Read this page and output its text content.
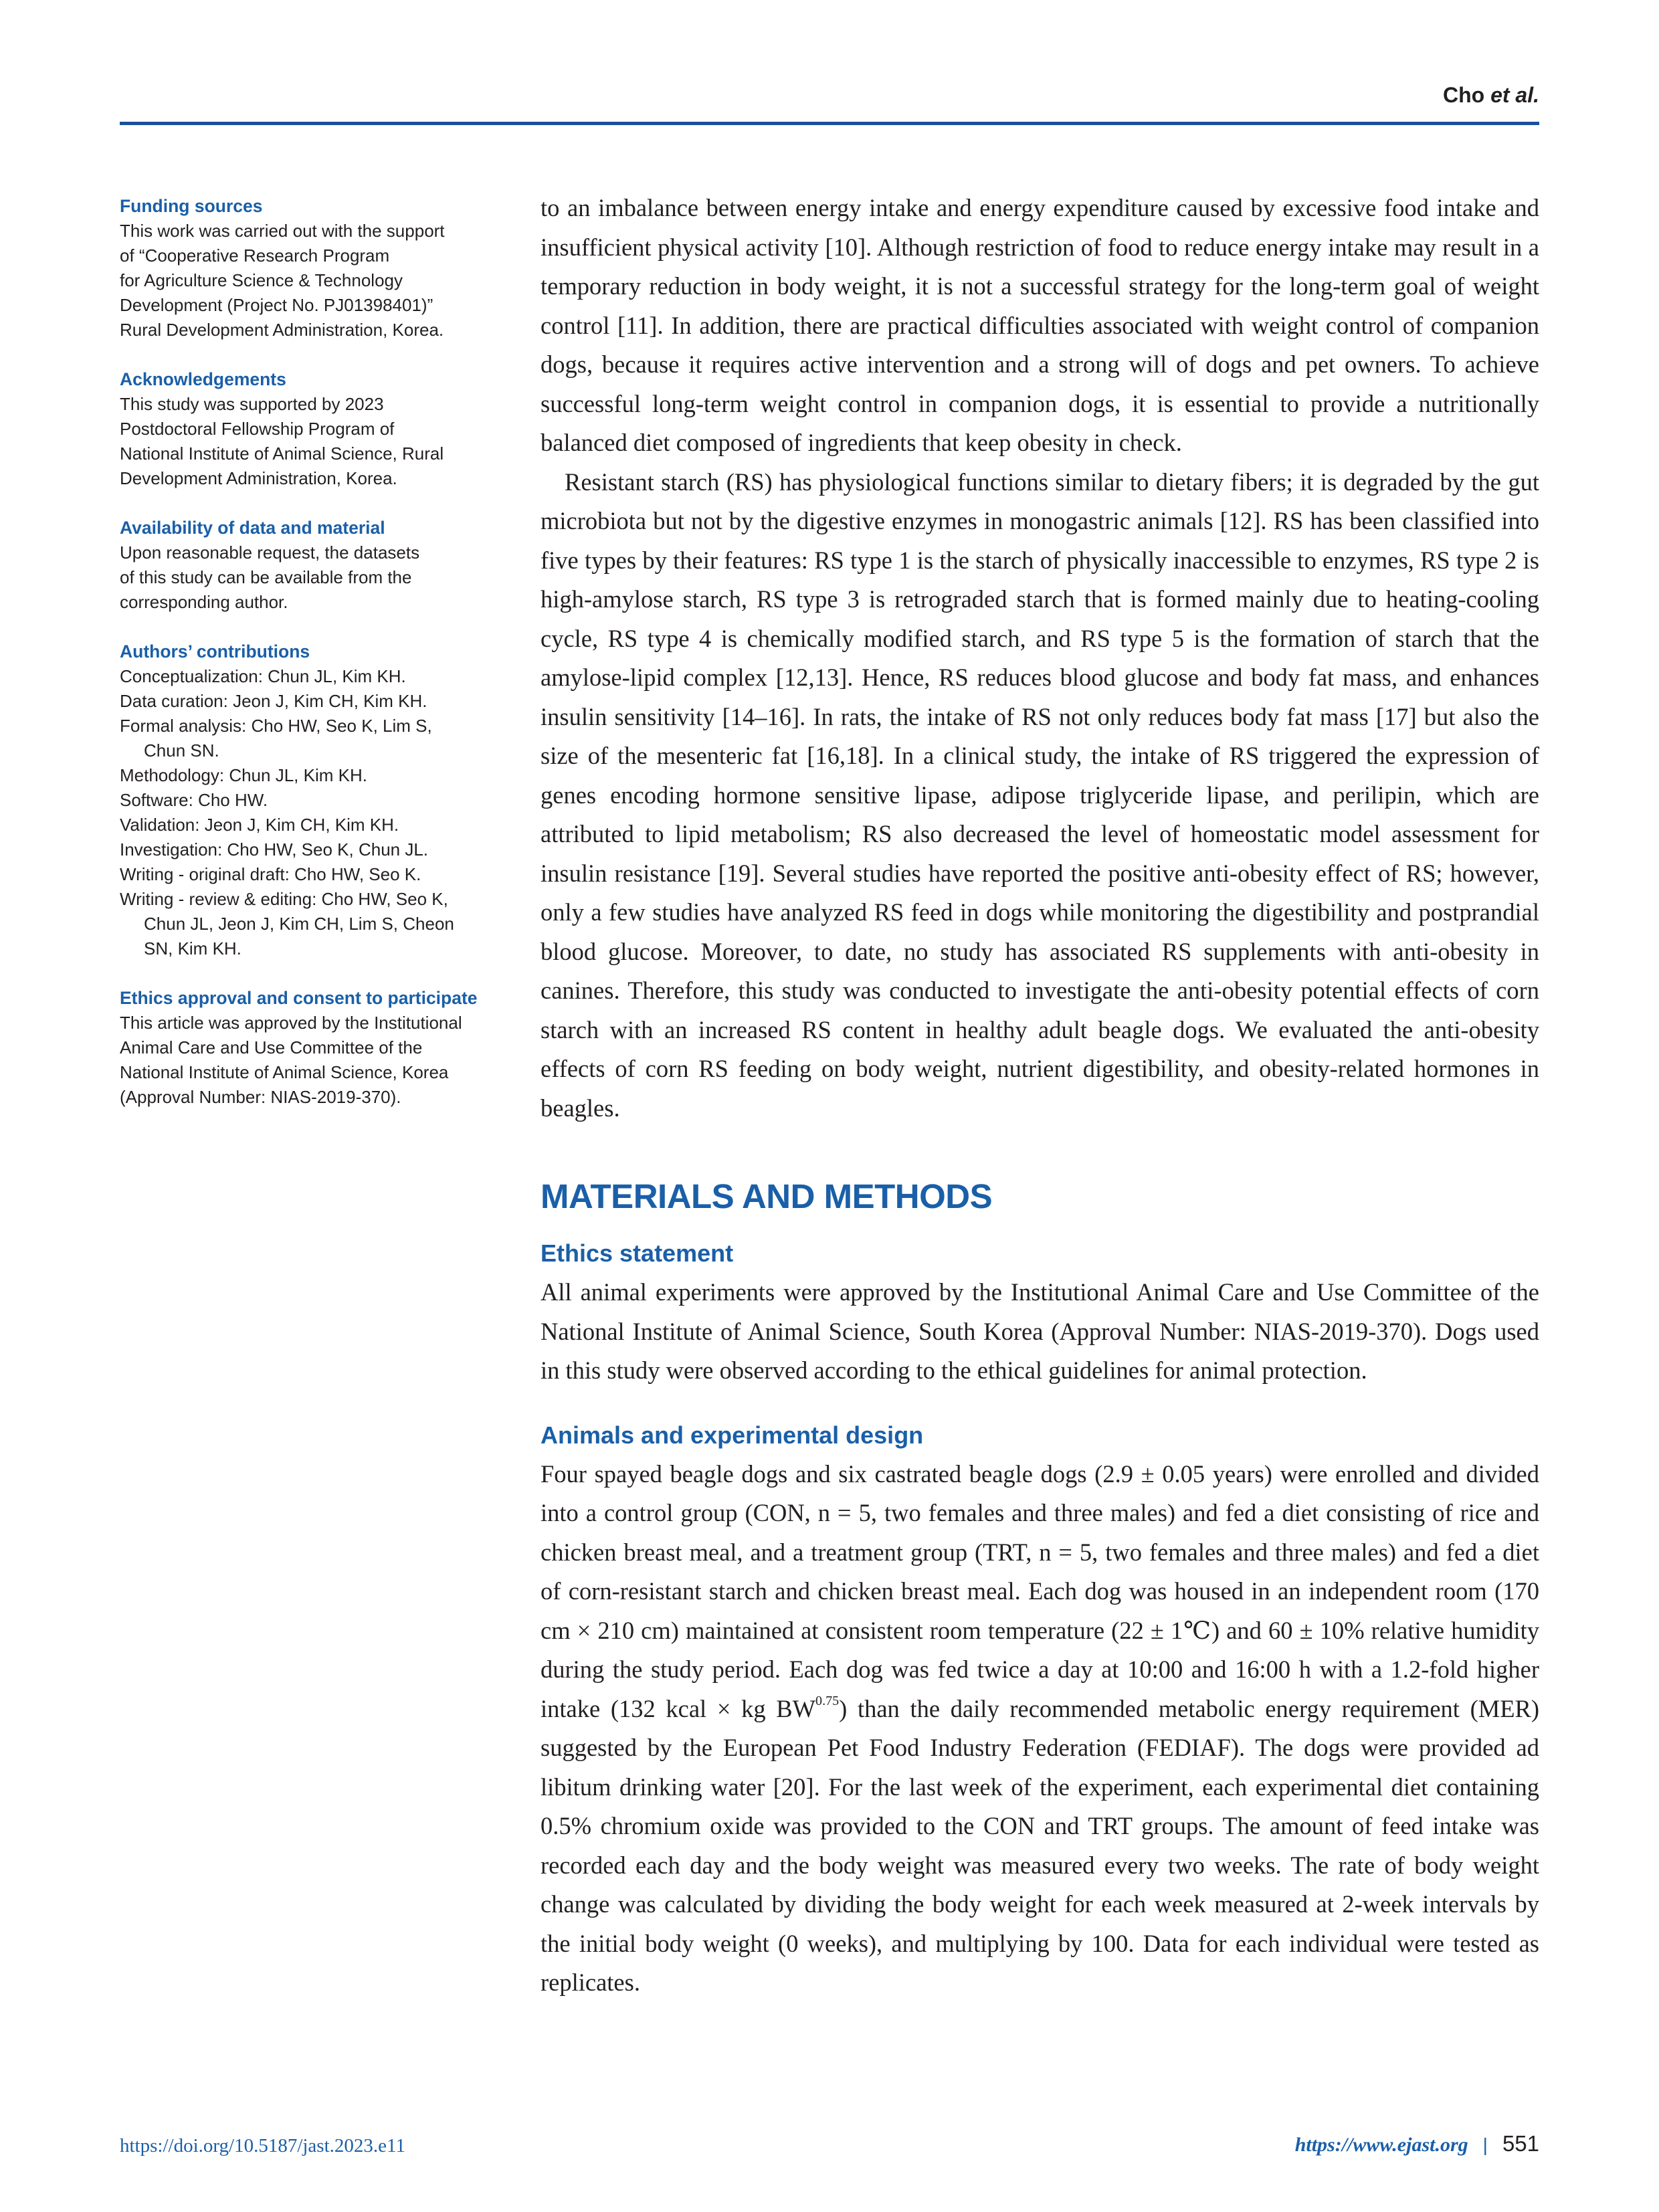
Cho et al.
Funding sources
This work was carried out with the support
of “Cooperative Research Program
for Agriculture Science & Technology
Development (Project No. PJ01398401)”
Rural Development Administration, Korea.
Acknowledgements
This study was supported by 2023
Postdoctoral Fellowship Program of
National Institute of Animal Science, Rural
Development Administration, Korea.
Availability of data and material
Upon reasonable request, the datasets
of this study can be available from the
corresponding author.
Authors’ contributions
Conceptualization: Chun JL, Kim KH.
Data curation: Jeon J, Kim CH, Kim KH.
Formal analysis: Cho HW, Seo K, Lim S,
Chun SN.
Methodology: Chun JL, Kim KH.
Software: Cho HW.
Validation: Jeon J, Kim CH, Kim KH.
Investigation: Cho HW, Seo K, Chun JL.
Writing - original draft: Cho HW, Seo K.
Writing - review & editing: Cho HW, Seo K,
Chun JL, Jeon J, Kim CH, Lim S, Cheon
SN, Kim KH.
Ethics approval and consent to participate
This article was approved by the Institutional
Animal Care and Use Committee of the
National Institute of Animal Science, Korea
(Approval Number: NIAS-2019-370).

to an imbalance between energy intake and energy expenditure caused by excessive food intake and insufficient physical activity [10]. Although restriction of food to reduce energy intake may result in a temporary reduction in body weight, it is not a successful strategy for the long-term goal of weight control [11]. In addition, there are practical difficulties associated with weight control of companion dogs, because it requires active intervention and a strong will of dogs and pet owners. To achieve successful long-term weight control in companion dogs, it is essential to provide a nutritionally balanced diet composed of ingredients that keep obesity in check.

Resistant starch (RS) has physiological functions similar to dietary fibers; it is degraded by the gut microbiota but not by the digestive enzymes in monogastric animals [12]. RS has been classified into five types by their features: RS type 1 is the starch of physically inaccessible to enzymes, RS type 2 is high-amylose starch, RS type 3 is retrograded starch that is formed mainly due to heating-cooling cycle, RS type 4 is chemically modified starch, and RS type 5 is the formation of starch that the amylose-lipid complex [12,13]. Hence, RS reduces blood glucose and body fat mass, and enhances insulin sensitivity [14–16]. In rats, the intake of RS not only reduces body fat mass [17] but also the size of the mesenteric fat [16,18]. In a clinical study, the intake of RS triggered the expression of genes encoding hormone sensitive lipase, adipose triglyceride lipase, and perilipin, which are attributed to lipid metabolism; RS also decreased the level of homeostatic model assessment for insulin resistance [19]. Several studies have reported the positive anti-obesity effect of RS; however, only a few studies have analyzed RS feed in dogs while monitoring the digestibility and postprandial blood glucose. Moreover, to date, no study has associated RS supplements with anti-obesity in canines. Therefore, this study was conducted to investigate the anti-obesity potential effects of corn starch with an increased RS content in healthy adult beagle dogs. We evaluated the anti-obesity effects of corn RS feeding on body weight, nutrient digestibility, and obesity-related hormones in beagles.

MATERIALS AND METHODS
Ethics statement

All animal experiments were approved by the Institutional Animal Care and Use Committee of the National Institute of Animal Science, South Korea (Approval Number: NIAS-2019-370). Dogs used in this study were observed according to the ethical guidelines for animal protection.

Animals and experimental design

Four spayed beagle dogs and six castrated beagle dogs (2.9 ± 0.05 years) were enrolled and divided into a control group (CON, n = 5, two females and three males) and fed a diet consisting of rice and chicken breast meal, and a treatment group (TRT, n = 5, two females and three males) and fed a diet of corn-resistant starch and chicken breast meal. Each dog was housed in an independent room (170 cm × 210 cm) maintained at consistent room temperature (22 ± 1℃) and 60 ± 10% relative humidity during the study period. Each dog was fed twice a day at 10:00 and 16:00 h with a 1.2-fold higher intake (132 kcal × kg $BW^{0.75}$) than the daily recommended metabolic energy requirement (MER) suggested by the European Pet Food Industry Federation (FEDIAF). The dogs were provided ad libitum drinking water [20]. For the last week of the experiment, each experimental diet containing 0.5% chromium oxide was provided to the CON and TRT groups. The amount of feed intake was recorded each day and the body weight was measured every two weeks. The rate of body weight change was calculated by dividing the body weight for each week measured at 2-week intervals by the initial body weight (0 weeks), and multiplying by 100. Data for each individual were tested as replicates.

https://doi.org/10.5187/jast.2023.e11	https://www.ejast.org | 551
